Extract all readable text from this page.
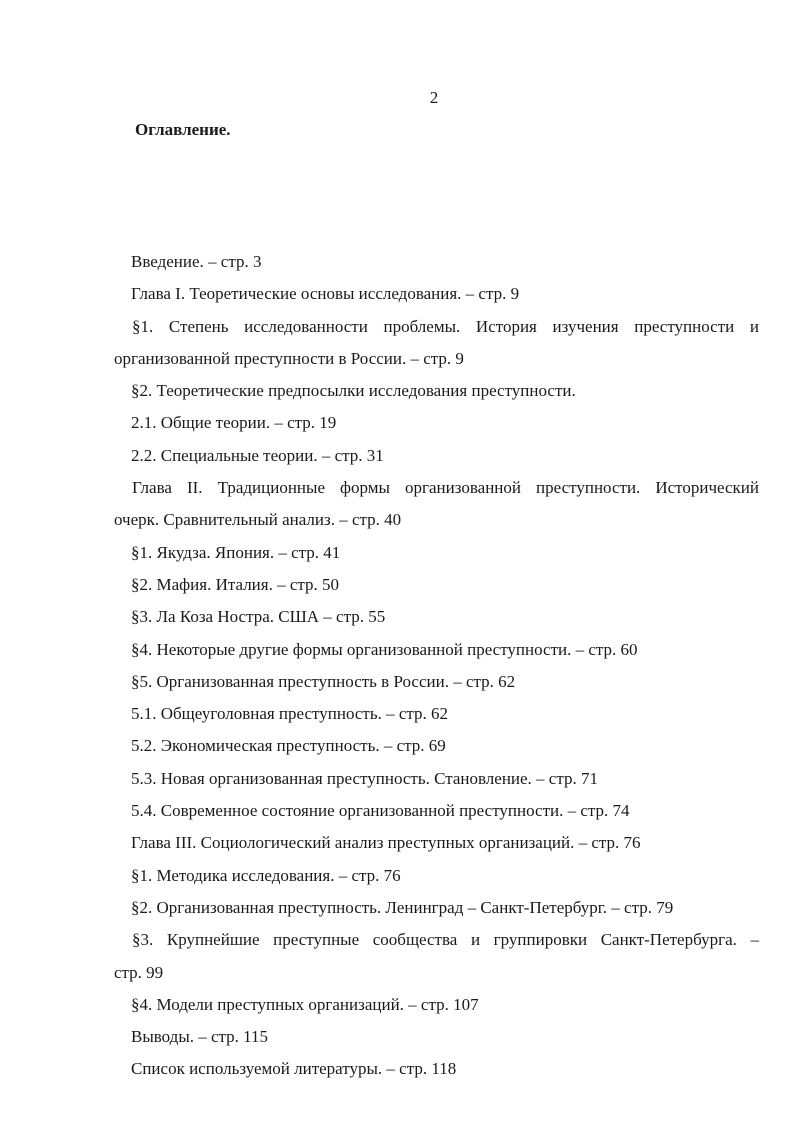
2
Оглавление.
Введение. – стр. 3
Глава I. Теоретические основы исследования. – стр. 9
§1. Степень исследованности проблемы. История изучения преступности и
организованной преступности в России. – стр. 9
§2. Теоретические предпосылки исследования преступности.
2.1. Общие теории. – стр. 19
2.2. Специальные теории. – стр. 31
Глава II. Традиционные формы организованной преступности. Исторический
очерк. Сравнительный анализ. – стр. 40
§1. Якудза. Япония. – стр. 41
§2. Мафия. Италия. – стр. 50
§3. Ла Коза Ностра. США – стр. 55
§4. Некоторые другие формы организованной преступности. – стр. 60
§5. Организованная преступность в России. – стр. 62
5.1. Общеуголовная преступность. – стр. 62
5.2. Экономическая преступность. – стр. 69
5.3. Новая организованная преступность. Становление. – стр. 71
5.4. Современное состояние организованной преступности. – стр. 74
Глава III. Социологический анализ преступных организаций. – стр. 76
§1. Методика исследования. – стр. 76
§2. Организованная преступность. Ленинград – Санкт-Петербург. – стр. 79
§3. Крупнейшие преступные сообщества и группировки Санкт-Петербурга. –
стр. 99
§4. Модели преступных организаций. – стр. 107
Выводы. – стр. 115
Список используемой литературы. – стр. 118
